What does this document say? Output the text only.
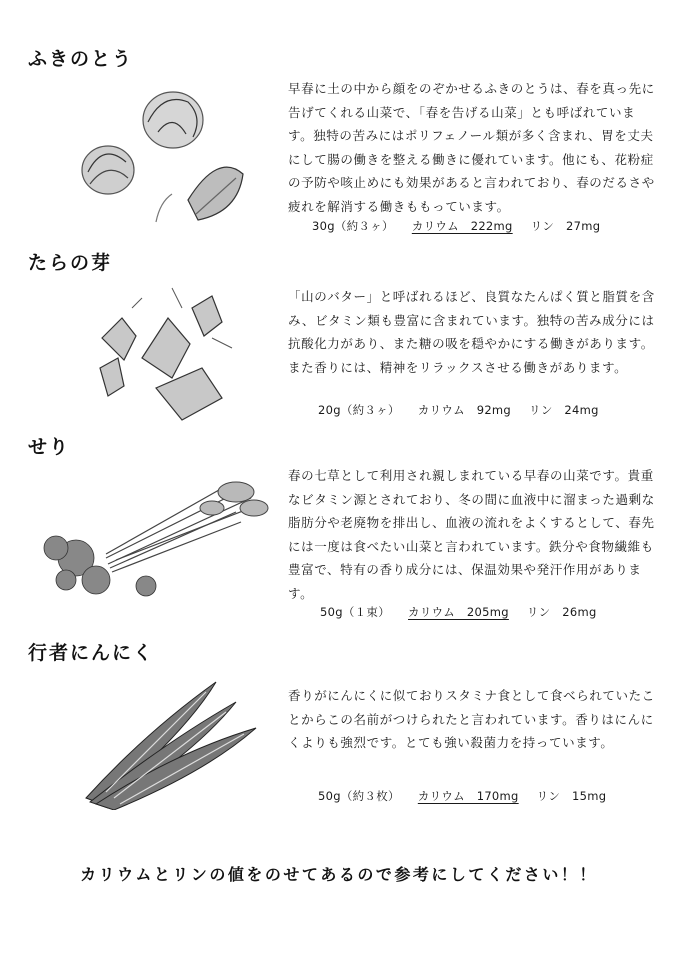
ふきのとう
早春に土の中から顔をのぞかせるふきのとうは、春を真っ先に告げてくれる山菜で、「春を告げる山菜」とも呼ばれています。独特の苦みにはポリフェノール類が多く含まれ、胃を丈夫にして腸の働きを整える働きに優れています。他にも、花粉症の予防や咳止めにも効果があると言われており、春のだるさや疲れを解消する働きももっています。
30g（約３ヶ） カリウム　222mg リン　27mg
たらの芽
「山のバター」と呼ばれるほど、良質なたんぱく質と脂質を含み、ビタミン類も豊富に含まれています。独特の苦み成分には抗酸化力があり、また糖の吸を穏やかにする働きがあります。また香りには、精神をリラックスさせる働きがあります。
20g（約３ヶ） カリウム　92mg リン　24mg
せり
春の七草として利用され親しまれている早春の山菜です。貴重なビタミン源とされており、冬の間に血液中に溜まった過剰な脂肪分や老廃物を排出し、血液の流れをよくするとして、春先には一度は食べたい山菜と言われています。鉄分や食物繊維も豊富で、特有の香り成分には、保温効果や発汗作用があります。
50g（１束） カリウム　205mg リン　26mg
行者にんにく
香りがにんにくに似ておりスタミナ食として食べられていたことからこの名前がつけられたと言われています。香りはにんにくよりも強烈です。とても強い殺菌力を持っています。
50g（約３枚） カリウム　170mg リン　15mg
カリウムとリンの値をのせてあるので参考にしてください！！
